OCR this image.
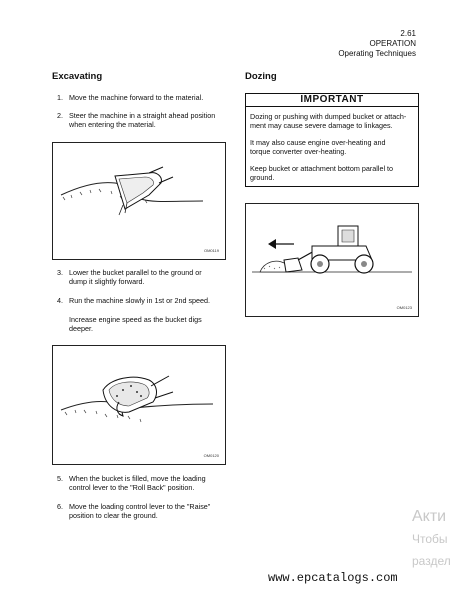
2.61
OPERATION
Operating Techniques
Excavating
1. Move the machine forward to the material.
2. Steer the machine in a straight ahead position
when entering the material.
OM0119
3. Lower the bucket parallel to the ground or
dump it slightly forward.
4. Run the machine slowly in 1st or 2nd speed.
Increase engine speed as the bucket digs
deeper.
OM0120
5. When the bucket is filled, move the loading
control lever to the "Roll Back" position.
6. Move the loading control lever to the "Raise"
position to clear the ground.
Dozing
IMPORTANT

Dozing or pushing with dumped bucket or attach-
ment may cause severe damage to linkages.

It may also cause engine over-heating and
torque converter over-heating.

Keep bucket or attachment bottom parallel to
ground.

OM0123
Акти
Чтобы
раздел
www.epcatalogs.com
